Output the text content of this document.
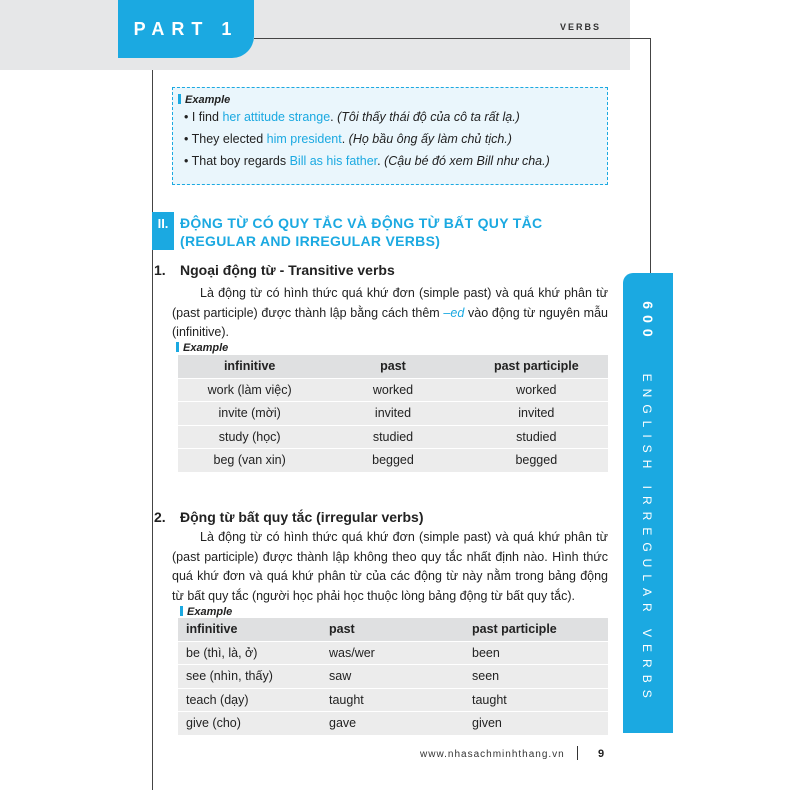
PART 1	VERBS
600   ENGLISH IRREGULAR VERBS
Example
• I find her attitude strange. (Tôi thấy thái độ của cô ta rất lạ.)
• They elected him president. (Họ bầu ông ấy làm chủ tịch.)
• That boy regards Bill as his father. (Cậu bé đó xem Bill như cha.)
II. ĐỘNG TỪ CÓ QUY TẮC VÀ ĐỘNG TỪ BẤT QUY TẮC (REGULAR AND IRREGULAR VERBS)
1. Ngoại động từ - Transitive verbs

Là động từ có hình thức quá khứ đơn (simple past) và quá khứ phân từ (past participle) được thành lập bằng cách thêm –ed vào động từ nguyên mẫu (infinitive).

Example
infinitive	past	past participle
work (làm việc)	worked	worked
invite (mời)	invited	invited
study (học)	studied	studied
beg (van xin)	begged	begged
2. Động từ bất quy tắc (irregular verbs)

Là động từ có hình thức quá khứ đơn (simple past) và quá khứ phân từ (past participle) được thành lập không theo quy tắc nhất định nào. Hình thức quá khứ đơn và quá khứ phân từ của các động từ này nằm trong bảng động từ bất quy tắc (người học phải học thuộc lòng bảng động từ bất quy tắc).

Example
infinitive	past	past participle
be (thì, là, ở)	was/wer	been
see (nhìn, thấy)	saw	seen
teach (dạy)	taught	taught
give (cho)	gave	given
www.nhasachminhthang.vn	9
